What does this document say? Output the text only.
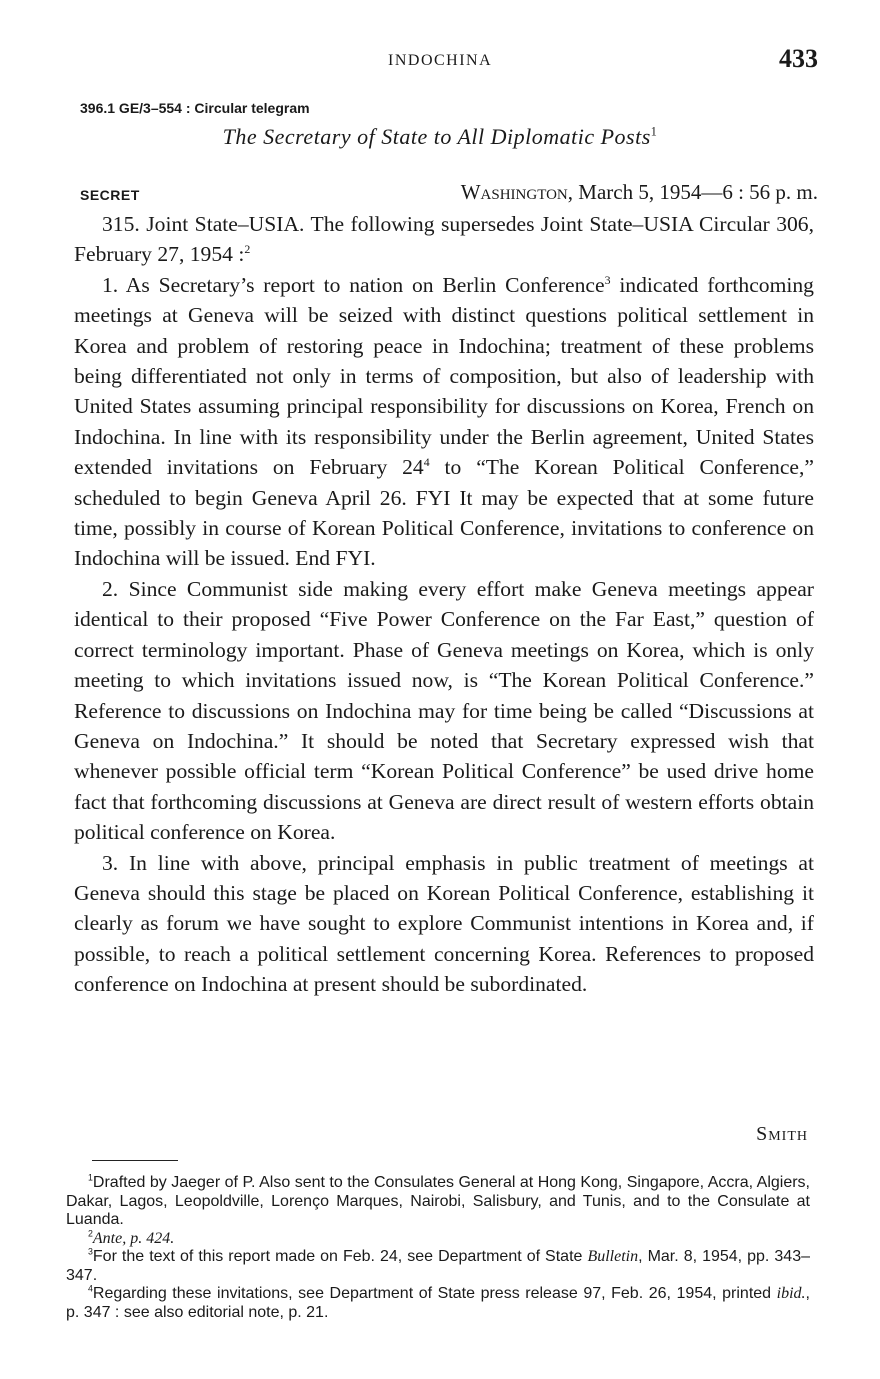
INDOCHINA	433
396.1 GE/3–554 : Circular telegram
The Secretary of State to All Diplomatic Posts$^1$
SECRET	Washington, March 5, 1954—6 : 56 p. m.

315. Joint State–USIA. The following supersedes Joint State–USIA Circular 306, February 27, 1954 :$^2$

1. As Secretary’s report to nation on Berlin Conference$^3$ indicated forthcoming meetings at Geneva will be seized with distinct questions political settlement in Korea and problem of restoring peace in Indochina; treatment of these problems being differentiated not only in terms of composition, but also of leadership with United States assuming principal responsibility for discussions on Korea, French on Indochina. In line with its responsibility under the Berlin agreement, United States extended invitations on February $24^4$ to “The Korean Political Conference,” scheduled to begin Geneva April 26. FYI It may be expected that at some future time, possibly in course of Korean Political Conference, invitations to conference on Indochina will be issued. End FYI.

2. Since Communist side making every effort make Geneva meetings appear identical to their proposed “Five Power Conference on the Far East,” question of correct terminology important. Phase of Geneva meetings on Korea, which is only meeting to which invitations issued now, is “The Korean Political Conference.” Reference to discussions on Indochina may for time being be called “Discussions at Geneva on Indochina.” It should be noted that Secretary expressed wish that whenever possible official term “Korean Political Conference” be used drive home fact that forthcoming discussions at Geneva are direct result of western efforts obtain political conference on Korea.

3. In line with above, principal emphasis in public treatment of meetings at Geneva should this stage be placed on Korean Political Conference, establishing it clearly as forum we have sought to explore Communist intentions in Korea and, if possible, to reach a political settlement concerning Korea. References to proposed conference on Indochina at present should be subordinated.

Smith

$^1$Drafted by Jaeger of P. Also sent to the Consulates General at Hong Kong, Singapore, Accra, Algiers, Dakar, Lagos, Leopoldville, Lorenço Marques, Nairobi, Salisbury, and Tunis, and to the Consulate at Luanda.

$^2$Ante, p. 424.

$^3$For the text of this report made on Feb. 24, see Department of State Bulletin, Mar. 8, 1954, pp. 343–347.

$^4$Regarding these invitations, see Department of State press release 97, Feb. 26, 1954, printed ibid., p. 347 : see also editorial note, p. 21.
